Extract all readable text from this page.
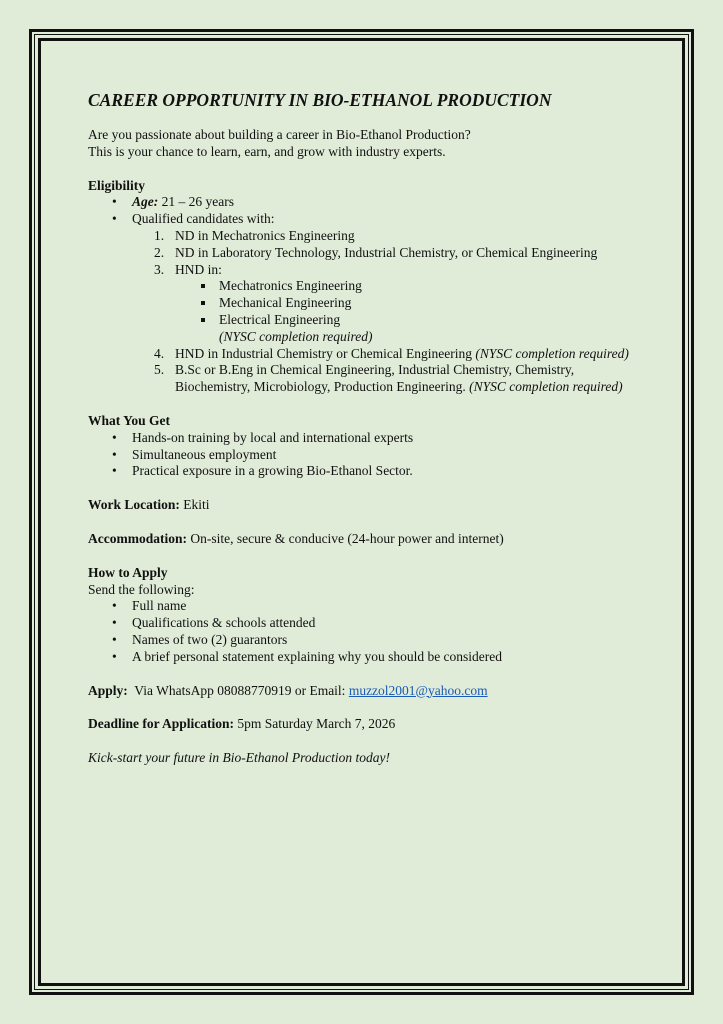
CAREER OPPORTUNITY IN BIO-ETHANOL PRODUCTION

Are you passionate about building a career in Bio-Ethanol Production?

This is your chance to learn, earn, and grow with industry experts.

Eligibility

• Age: 21 – 26 years
• Qualified candidates with:
1. ND in Mechatronics Engineering
2. ND in Laboratory Technology, Industrial Chemistry, or Chemical Engineering
3. HND in:
Mechatronics Engineering
Mechanical Engineering
Electrical Engineering

(NYSC completion required)

4. HND in Industrial Chemistry or Chemical Engineering (NYSC completion required)
5. B.Sc or B.Eng in Chemical Engineering, Industrial Chemistry, Chemistry, Biochemistry, Microbiology, Production Engineering. (NYSC completion required)

What You Get

• Hands-on training by local and international experts
• Simultaneous employment
• Practical exposure in a growing Bio-Ethanol Sector.

Work Location: Ekiti

Accommodation: On-site, secure & conducive (24-hour power and internet)

How to Apply

Send the following:

• Full name
• Qualifications & schools attended
• Names of two (2) guarantors
• A brief personal statement explaining why you should be considered

Apply:  Via WhatsApp 08088770919 or Email: muzzol2001@yahoo.com

Deadline for Application: 5pm Saturday March 7, 2026

Kick-start your future in Bio-Ethanol Production today!
